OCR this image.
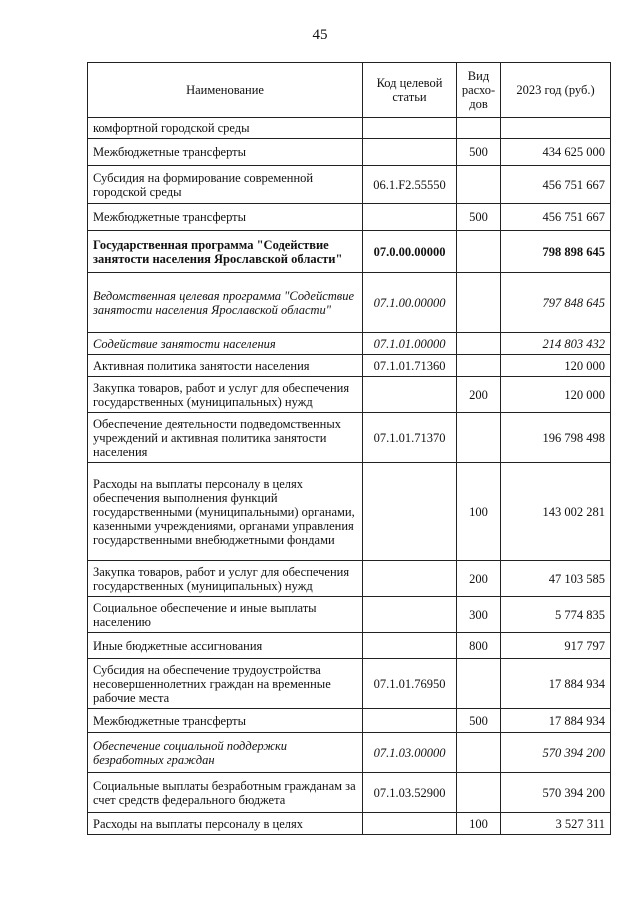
45
Наименование	Код целевой статьи	Вид расхо-дов	2023 год (руб.)
комфортной городской среды			
Межбюджетные трансферты		500	434 625 000
Субсидия на формирование современной городской среды	06.1.F2.55550		456 751 667
Межбюджетные трансферты		500	456 751 667
Государственная программа "Содействие занятости населения Ярославской области"	07.0.00.00000		798 898 645
Ведомственная целевая программа "Содействие занятости населения Ярославской области"	07.1.00.00000		797 848 645
Содействие занятости населения	07.1.01.00000		214 803 432
Активная политика занятости населения	07.1.01.71360		120 000
Закупка товаров, работ и услуг для обеспечения государственных (муниципальных) нужд		200	120 000
Обеспечение деятельности подведомственных учреждений и активная политика занятости населения	07.1.01.71370		196 798 498
Расходы на выплаты персоналу в целях обеспечения выполнения функций государственными (муниципальными) органами, казенными учреждениями, органами управления государственными внебюджетными фондами		100	143 002 281
Закупка товаров, работ и услуг для обеспечения государственных (муниципальных) нужд		200	47 103 585
Социальное обеспечение и иные выплаты населению		300	5 774 835
Иные бюджетные ассигнования		800	917 797
Субсидия на обеспечение трудоустройства несовершеннолетних граждан на временные рабочие места	07.1.01.76950		17 884 934
Межбюджетные трансферты		500	17 884 934
Обеспечение социальной поддержки безработных граждан	07.1.03.00000		570 394 200
Социальные выплаты безработным гражданам за счет средств федерального бюджета	07.1.03.52900		570 394 200
Расходы на выплаты персоналу в целях		100	3 527 311
